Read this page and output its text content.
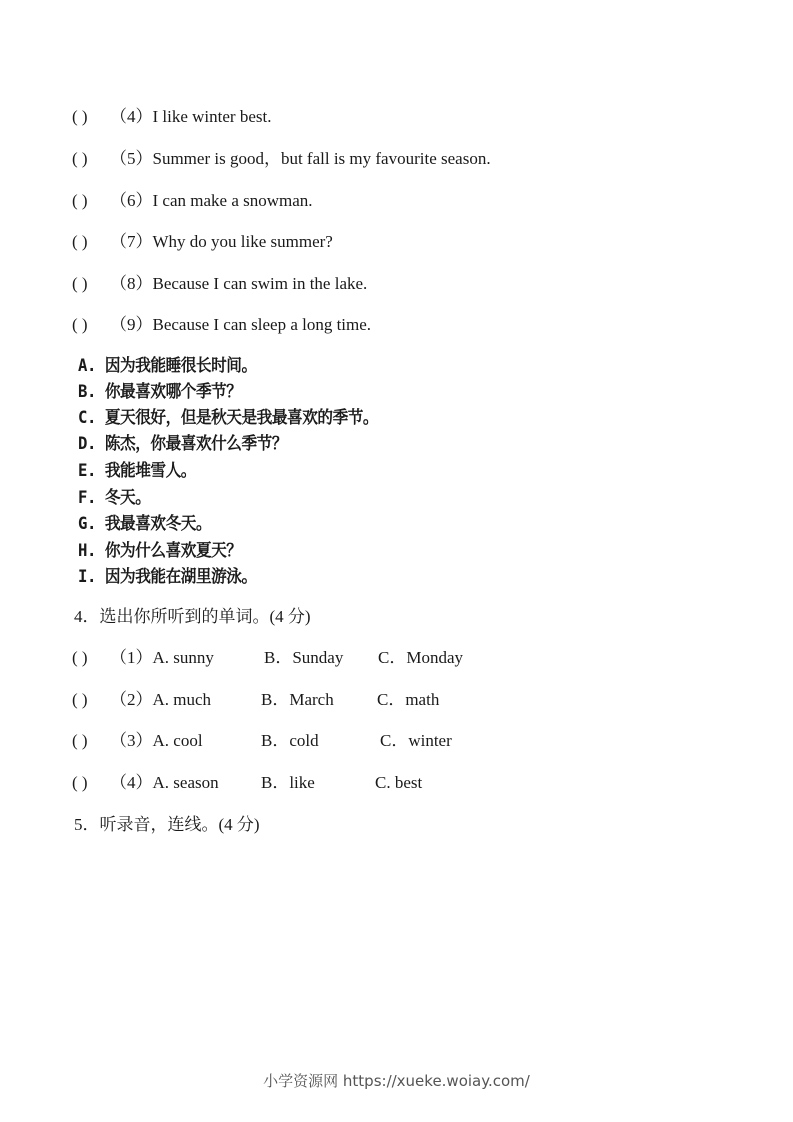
( ) （4）I like winter best.
( ) （5）Summer is good，but fall is my favourite season.
( ) （6）I can make a snowman.
( ) （7）Why do you like summer?
( ) （8）Because I can swim in the lake.
( ) （9）Because I can sleep a long time.
A. 因为我能睡很长时间。
B. 你最喜欢哪个季节？
C. 夏天很好，但是秋天是我最喜欢的季节。
D. 陈杰，你最喜欢什么季节？
E. 我能堆雪人。
F. 冬天。
G. 我最喜欢冬天。
H. 你为什么喜欢夏天？
I. 因为我能在湖里游泳。
4．选出你所听到的单词。(4 分)
( ) （1）A. sunny	B．Sunday C．Monday
( ) （2）A. much	B．March	C．math
( ) （3）A. cool	B．cold	C．winter
( ) （4）A. season B．like	C. best
5．听录音，连线。(4 分)
小学资源网 https://xueke.woiay.com/
